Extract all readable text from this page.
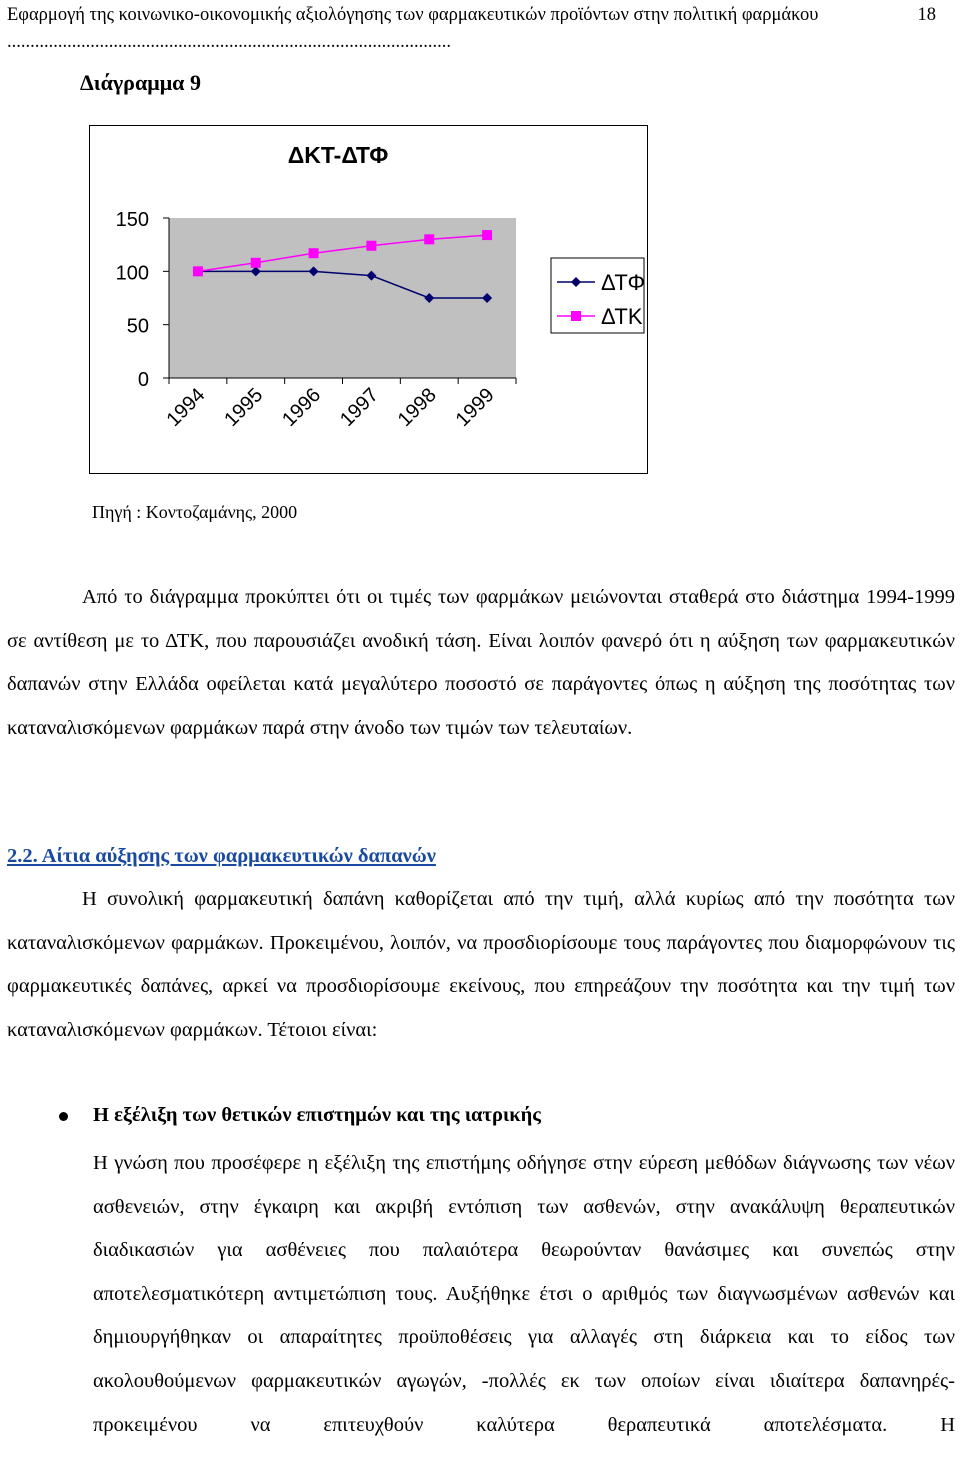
Εφαρμογή της κοινωνικο-οικονομικής αξιολόγησης των φαρμακευτικών προϊόντων στην πολιτική φαρμάκου ................................................................................................
18
Διάγραμμα 9
ΔΚΤ-ΔΤΦ
0
50
100
150
1994 1995 1996 1997 1998 1999
ΔΤΦ
ΔΤΚ
Πηγή : Κοντοζαμάνης, 2000
Από το διάγραμμα προκύπτει ότι οι τιμές των φαρμάκων μειώνονται σταθερά στο διάστημα 1994-1999 σε αντίθεση με το ΔΤΚ, που παρουσιάζει ανοδική τάση. Είναι λοιπόν φανερό ότι η αύξηση των φαρμακευτικών δαπανών στην Ελλάδα οφείλεται κατά μεγαλύτερο ποσοστό σε παράγοντες όπως η αύξηση της ποσότητας των καταναλισκόμενων φαρμάκων παρά στην άνοδο των τιμών των τελευταίων.
2.2. Αίτια αύξησης των φαρμακευτικών δαπανών
Η συνολική φαρμακευτική δαπάνη καθορίζεται από την τιμή, αλλά κυρίως από την ποσότητα των καταναλισκόμενων φαρμάκων. Προκειμένου, λοιπόν, να προσδιορίσουμε τους παράγοντες που διαμορφώνουν τις φαρμακευτικές δαπάνες, αρκεί να προσδιορίσουμε εκείνους, που επηρεάζουν την ποσότητα και την τιμή των καταναλισκόμενων φαρμάκων. Τέτοιοι είναι:
Η εξέλιξη των θετικών επιστημών και της ιατρικής
Η γνώση που προσέφερε η εξέλιξη της επιστήμης οδήγησε στην εύρεση μεθόδων διάγνωσης των νέων ασθενειών, στην έγκαιρη και ακριβή εντόπιση των ασθενών, στην ανακάλυψη θεραπευτικών διαδικασιών για ασθένειες που παλαιότερα θεωρούνταν θανάσιμες και συνεπώς στην αποτελεσματικότερη αντιμετώπιση τους. Αυξήθηκε έτσι ο αριθμός των διαγνωσμένων ασθενών και δημιουργήθηκαν οι απαραίτητες προϋποθέσεις για αλλαγές στη διάρκεια και το είδος των ακολουθούμενων φαρμακευτικών αγωγών, -πολλές εκ των οποίων είναι ιδιαίτερα δαπανηρές- προκειμένου να επιτευχθούν καλύτερα θεραπευτικά αποτελέσματα. Η
